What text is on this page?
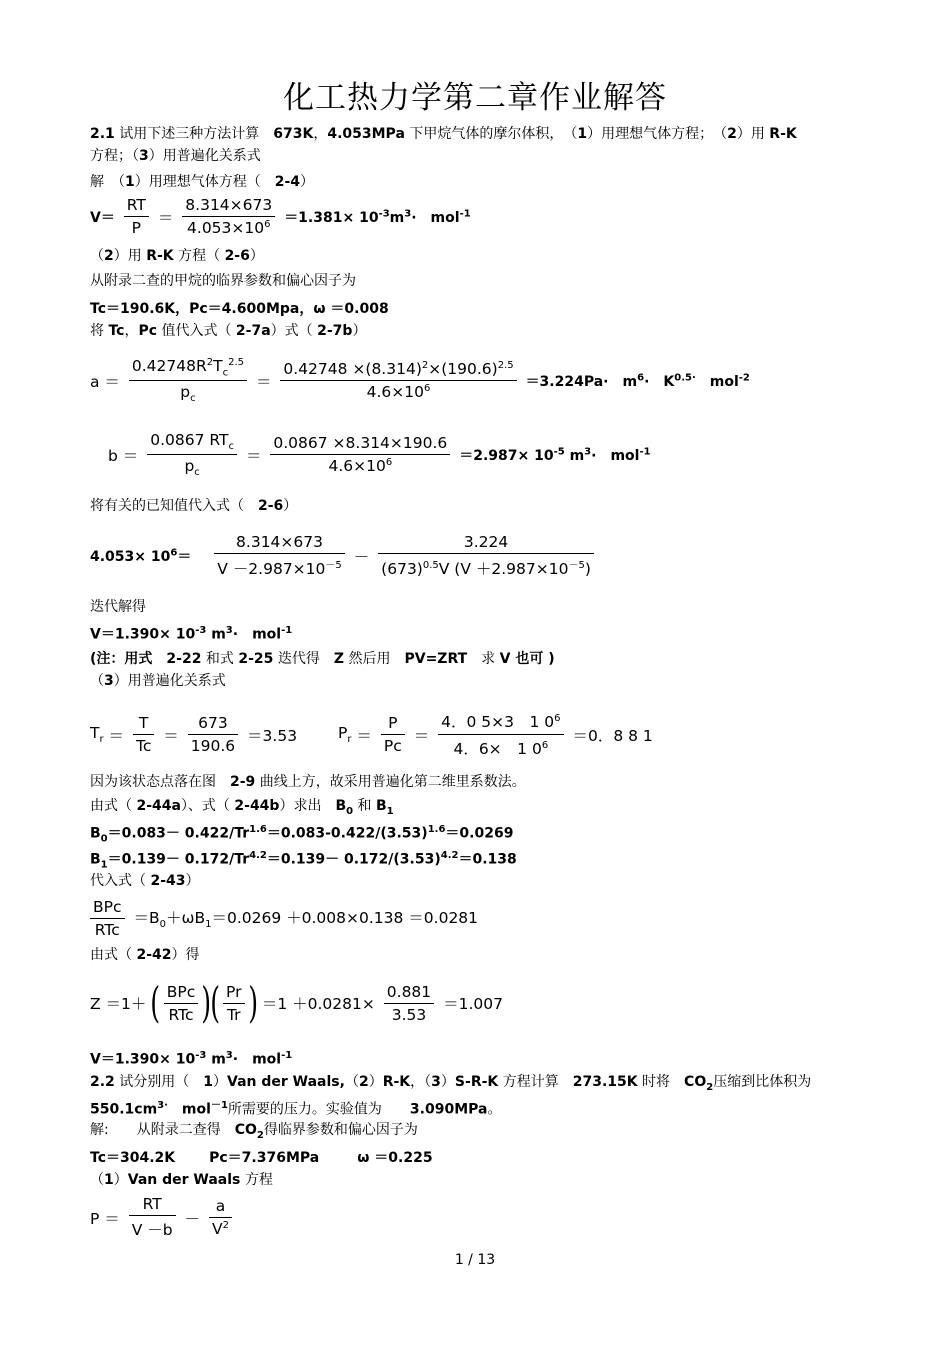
化工热力学第二章作业解答
2.1 试用下述三种方法计算　673K，4.053MPa 下甲烷气体的摩尔体积，　（1）用理想气体方程；　（2）用 R-K
方程；（3）用普遍化关系式
解　（1）用理想气体方程（　2-4）
$V= \frac{RT}{P} = \frac{8.314\times 673}{4.053\times 10^6} =1.381\times 10^{-3}m^3\cdot$　mol$^{-1}$
（2）用 R-K 方程（ 2-6）
从附录二查的甲烷的临界参数和偏心因子为
Tc＝190.6K，Pc＝4.600Mpa，ω ＝0.008
将 Tc，Pc 值代入式（ 2-7a）式（ 2-7b）
$a = \frac{0.42748R^2T_c^{2.5}}{p_c} = \frac{0.42748 \times(8.314)^2\times(190.6)^{2.5}}{4.6\times 10^6} =3.224Pa\cdot$　$m^6\cdot$　$K^{0.5\cdot}$　mol$^{-2}$
$b = \frac{0.0867 RT_c}{p_c} = \frac{0.0867 \times 8.314\times 190.6}{4.6\times 10^6} =2.987\times 10^{-5}$ $m^3\cdot$　mol$^{-1}$
将有关的已知值代入式（　2-6）
$4.053\times 10^6= \frac{8.314\times 673}{V -2.987\times 10^{-5}} - \frac{3.224}{(673)^{0.5}V (V +2.987\times 10^{-5})}$
迭代解得
$V=1.390\times 10^{-3}$ $m^3\cdot$　mol$^{-1}$
(注：用式　2-22 和式 2-25 迭代得　Z 然后用　PV=ZRT　求 V 也可 )
（3）用普遍化关系式
$T_r = \frac{T}{Tc} = \frac{673}{190.6} =3.53$	$P_r = \frac{P}{Pc} = \frac{4.0 5\times 3 1 0^6}{4.6\times 1 0^6} =0$．8 8 1
因为该状态点落在图　2-9 曲线上方，故采用普遍化第二维里系数法。
由式（ 2-44a）、式（ 2-44b）求出　$B_0$ 和 $B_1$
$B_0=0.083- 0.422/Tr^{1.6}=0.083-0.422/(3.53)^{1.6}=0.0269$
$B_1=0.139- 0.172/Tr^{4.2}=0.139- 0.172/(3.53)^{4.2}=0.138$
代入式（ 2-43）
$\frac{\text{BPc}}{\text{RTc}} =B_0+\omega B_1=0.0269 +0.008\times 0.138 =0.0281$
由式（ 2-42）得
Z ＝1＋ ( $\frac{\text{BPc}}{\text{RTc}}$ )( $\frac{Pr}{Tr}$ ) $=1 +0.0281\times \frac{0.881}{3.53} =1.007$
$V=1.390\times 10^{-3}$ $m^3\cdot$　mol$^{-1}$
2.2 试分别用（　1）Van der Waals,（2）R-K，（3）S-R-K 方程计算　273.15K 时将　$CO_2$压缩到比体积为
$550.1cm^{3\cdot}$　mol$^{-1}$所需要的压力。实验值为　　3.090MPa。
解:　　从附录二查得　$CO_2$得临界参数和偏心因子为
Tc＝304.2K Pc＝7.376MPa	ω ＝0.225
（1）Van der Waals 方程
$P = \frac{RT}{V -b} - \frac{a}{V^2}$
1 / 13
